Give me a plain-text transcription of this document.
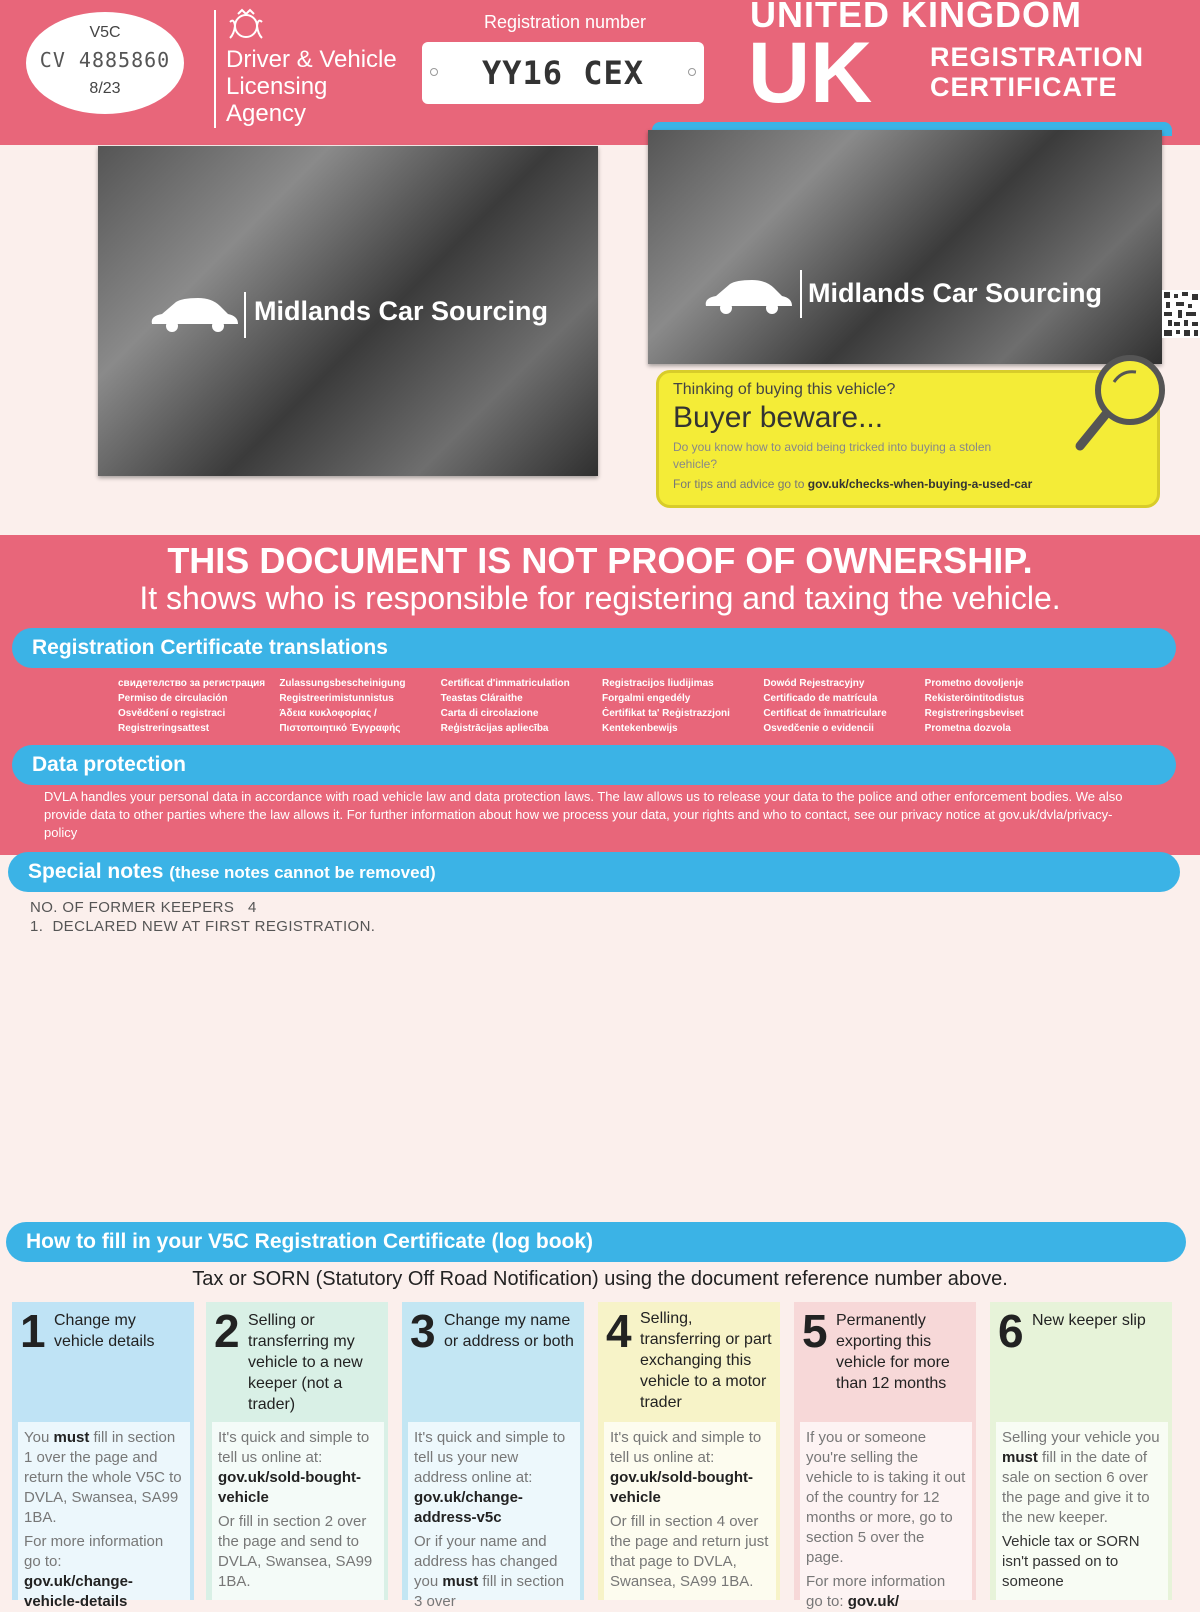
V5C
CV 4885860
8/23
Driver & Vehicle
Licensing
Agency
Registration number
YY16 CEX
UNITED KINGDOM
UK REGISTRATION
CERTIFICATE
Midlands Car Sourcing
Midlands Car Sourcing
Thinking of buying this vehicle?
Buyer beware...
Do you know how to avoid being tricked into buying a stolen vehicle?
For tips and advice go to gov.uk/checks-when-buying-a-used-car
THIS DOCUMENT IS NOT PROOF OF OWNERSHIP.
It shows who is responsible for registering and taxing the vehicle.
Registration Certificate translations
свидетелство за регистрация
Permiso de circulación
Osvědčení o registraci
Registreringsattest
Zulassungsbescheinigung
Registreerimistunnistus
Άδεια κυκλοφορίας /
Πιστοποιητικό Έγγραφής
Certificat d'immatriculation
Teastas Cláraithe
Carta di circolazione
Reģistrācijas apliecība
Registracijos liudijimas
Forgalmi engedély
Ċertifikat ta' Reġistrazzjoni
Kentekenbewijs
Dowód Rejestracyjny
Certificado de matrícula
Certificat de înmatriculare
Osvedčenie o evidencii
Prometno dovoljenje
Rekisteröintitodistus
Registreringsbeviset
Prometna dozvola
Data protection
DVLA handles your personal data in accordance with road vehicle law and data protection laws. The law allows us to release your data to the police and other enforcement bodies. We also provide data to other parties where the law allows it. For further information about how we process your data, your rights and who to contact, see our privacy notice at gov.uk/dvla/privacy-policy
Special notes (these notes cannot be removed)
NO. OF FORMER KEEPERS   4
1.  DECLARED NEW AT FIRST REGISTRATION.
How to fill in your V5C Registration Certificate (log book)
Tax or SORN (Statutory Off Road Notification) using the document reference number above.
1 Change my vehicle details
You must fill in section 1 over the page and return the whole V5C to DVLA, Swansea, SA99 1BA.
For more information go to:
gov.uk/change-vehicle-details
2 Selling or transferring my vehicle to a new keeper (not a trader)
It's quick and simple to tell us online at:
gov.uk/sold-bought-vehicle
Or fill in section 2 over the page and send to DVLA, Swansea, SA99 1BA.
3 Change my name or address or both
It's quick and simple to tell us your new address online at:
gov.uk/change-address-v5c
Or if your name and address has changed you must fill in section 3 over
4 Selling, transferring or part exchanging this vehicle to a motor trader
It's quick and simple to tell us online at:
gov.uk/sold-bought-vehicle
Or fill in section 4 over the page and return just that page to DVLA, Swansea, SA99 1BA.
5 Permanently exporting this vehicle for more than 12 months
If you or someone you're selling the vehicle to is taking it out of the country for 12 months or more, go to section 5 over the page.
For more information go to: gov.uk/
6 New keeper slip
Selling your vehicle you must fill in the date of sale on section 6 over the page and give it to the new keeper.
Vehicle tax or SORN isn't passed on to someone
